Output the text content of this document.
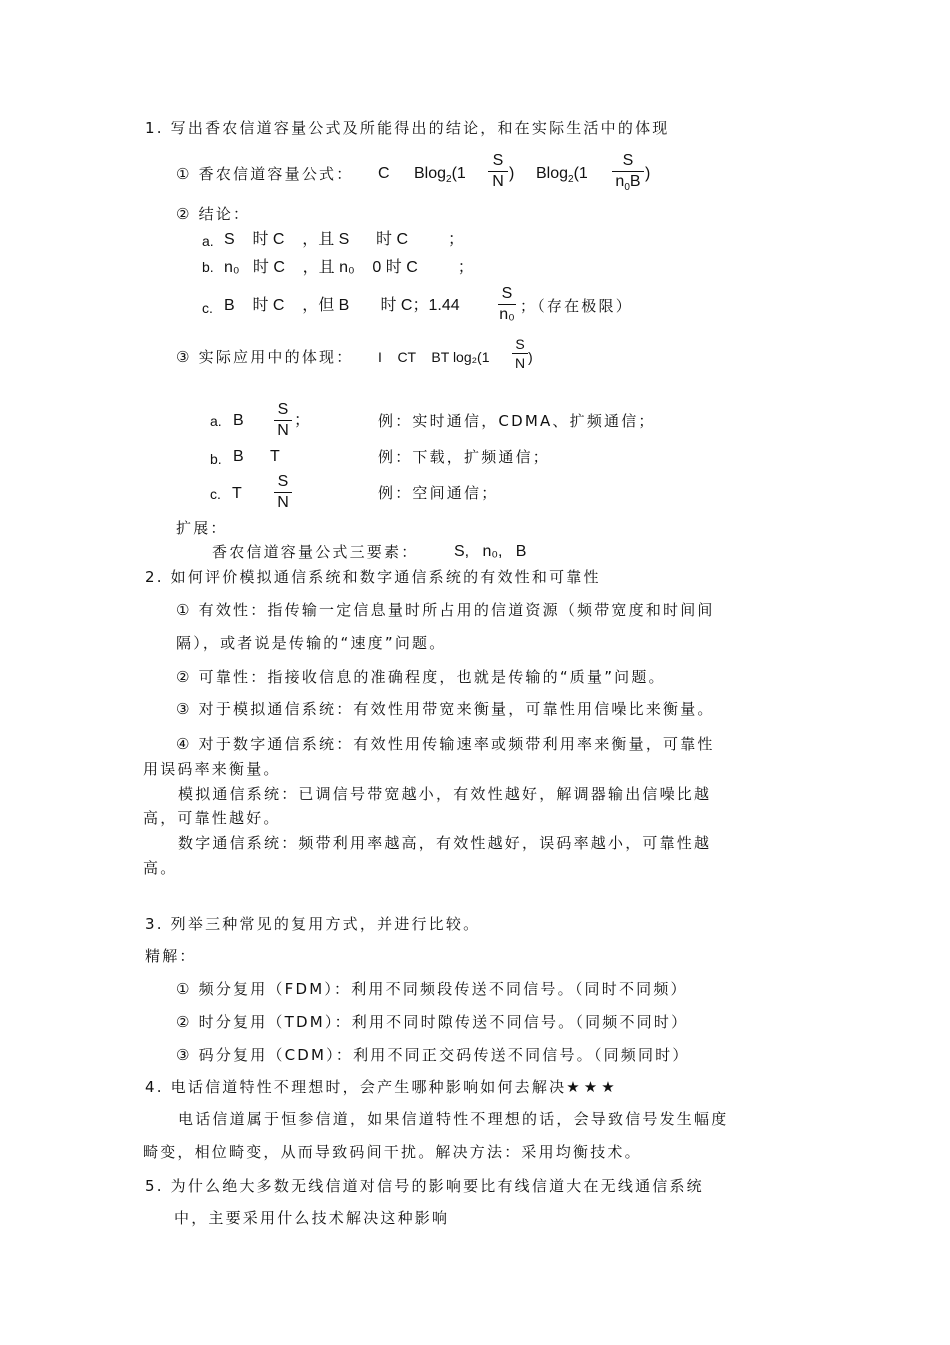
1. 写出香农信道容量公式及所能得出的结论，和在实际生活中的体现
① 香农信道容量公式： C Blog$_2$(1
S
N ) Blog$_2$(1
S
$n_0B$ )
② 结论：
a. S    时 C    ，且 S      时 C         ；
b. n₀   时 C    ，且 n₀    0 时 C         ；
c. B    时 C    ，但 B       时 C；1.44
S
n₀ ；（存在极限）
③ 实际应用中的体现： I    CT    BT log₂(1
S
N )
a. B
S
N
；	例：实时通信，CDMA、扩频通信；
b. B      T	例：下载，扩频通信；
c. T
S
N
例：空间通信；
扩展：
香农信道容量公式三要素： S,   n₀,   B
2. 如何评价模拟通信系统和数字通信系统的有效性和可靠性
① 有效性：指传输一定信息量时所占用的信道资源（频带宽度和时间间
隔），或者说是传输的“速度”问题。
② 可靠性：指接收信息的准确程度，也就是传输的“质量”问题。
③ 对于模拟通信系统：有效性用带宽来衡量，可靠性用信噪比来衡量。
④ 对于数字通信系统：有效性用传输速率或频带利用率来衡量，可靠性
用误码率来衡量。
模拟通信系统：已调信号带宽越小，有效性越好，解调器输出信噪比越
高，可靠性越好。
数字通信系统：频带利用率越高，有效性越好，误码率越小，可靠性越
高。
3. 列举三种常见的复用方式，并进行比较。
精解：
① 频分复用（FDM）：利用不同频段传送不同信号。（同时不同频）
② 时分复用（TDM）：利用不同时隙传送不同信号。（同频不同时）
③ 码分复用（CDM）：利用不同正交码传送不同信号。（同频同时）
4. 电话信道特性不理想时，会产生哪种影响如何去解决★★★
电话信道属于恒参信道，如果信道特性不理想的话，会导致信号发生幅度
畸变，相位畸变，从而导致码间干扰。解决方法：采用均衡技术。
5. 为什么绝大多数无线信道对信号的影响要比有线信道大在无线通信系统
中，主要采用什么技术解决这种影响
